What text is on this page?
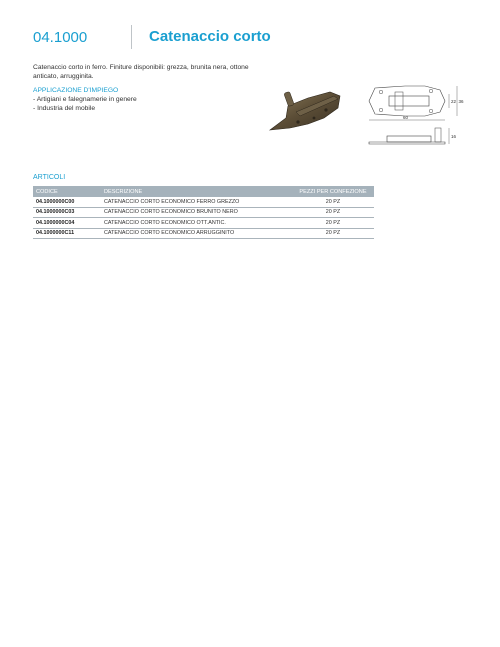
04.1000	Catenaccio corto
Catenaccio corto in ferro. Finiture disponibili: grezza, brunita nera, ottone anticato, arrugginita.
APPLICAZIONE D'IMPIEGO
- Artigiani e falegnamerie in genere
- Industria del mobile
22 36
60
16
ARTICOLI
CODICE	DESCRIZIONE	PEZZI PER CONFEZIONE
04.1000000C00	CATENACCIO CORTO ECONOMICO FERRO GREZZO	20 PZ
04.1000000C03	CATENACCIO CORTO ECONOMICO BRUNITO NERO	20 PZ
04.1000000C04	CATENACCIO CORTO ECONOMICO OTT.ANTIC.	20 PZ
04.1000000C11	CATENACCIO CORTO ECONOMICO ARRUGGINITO	20 PZ
